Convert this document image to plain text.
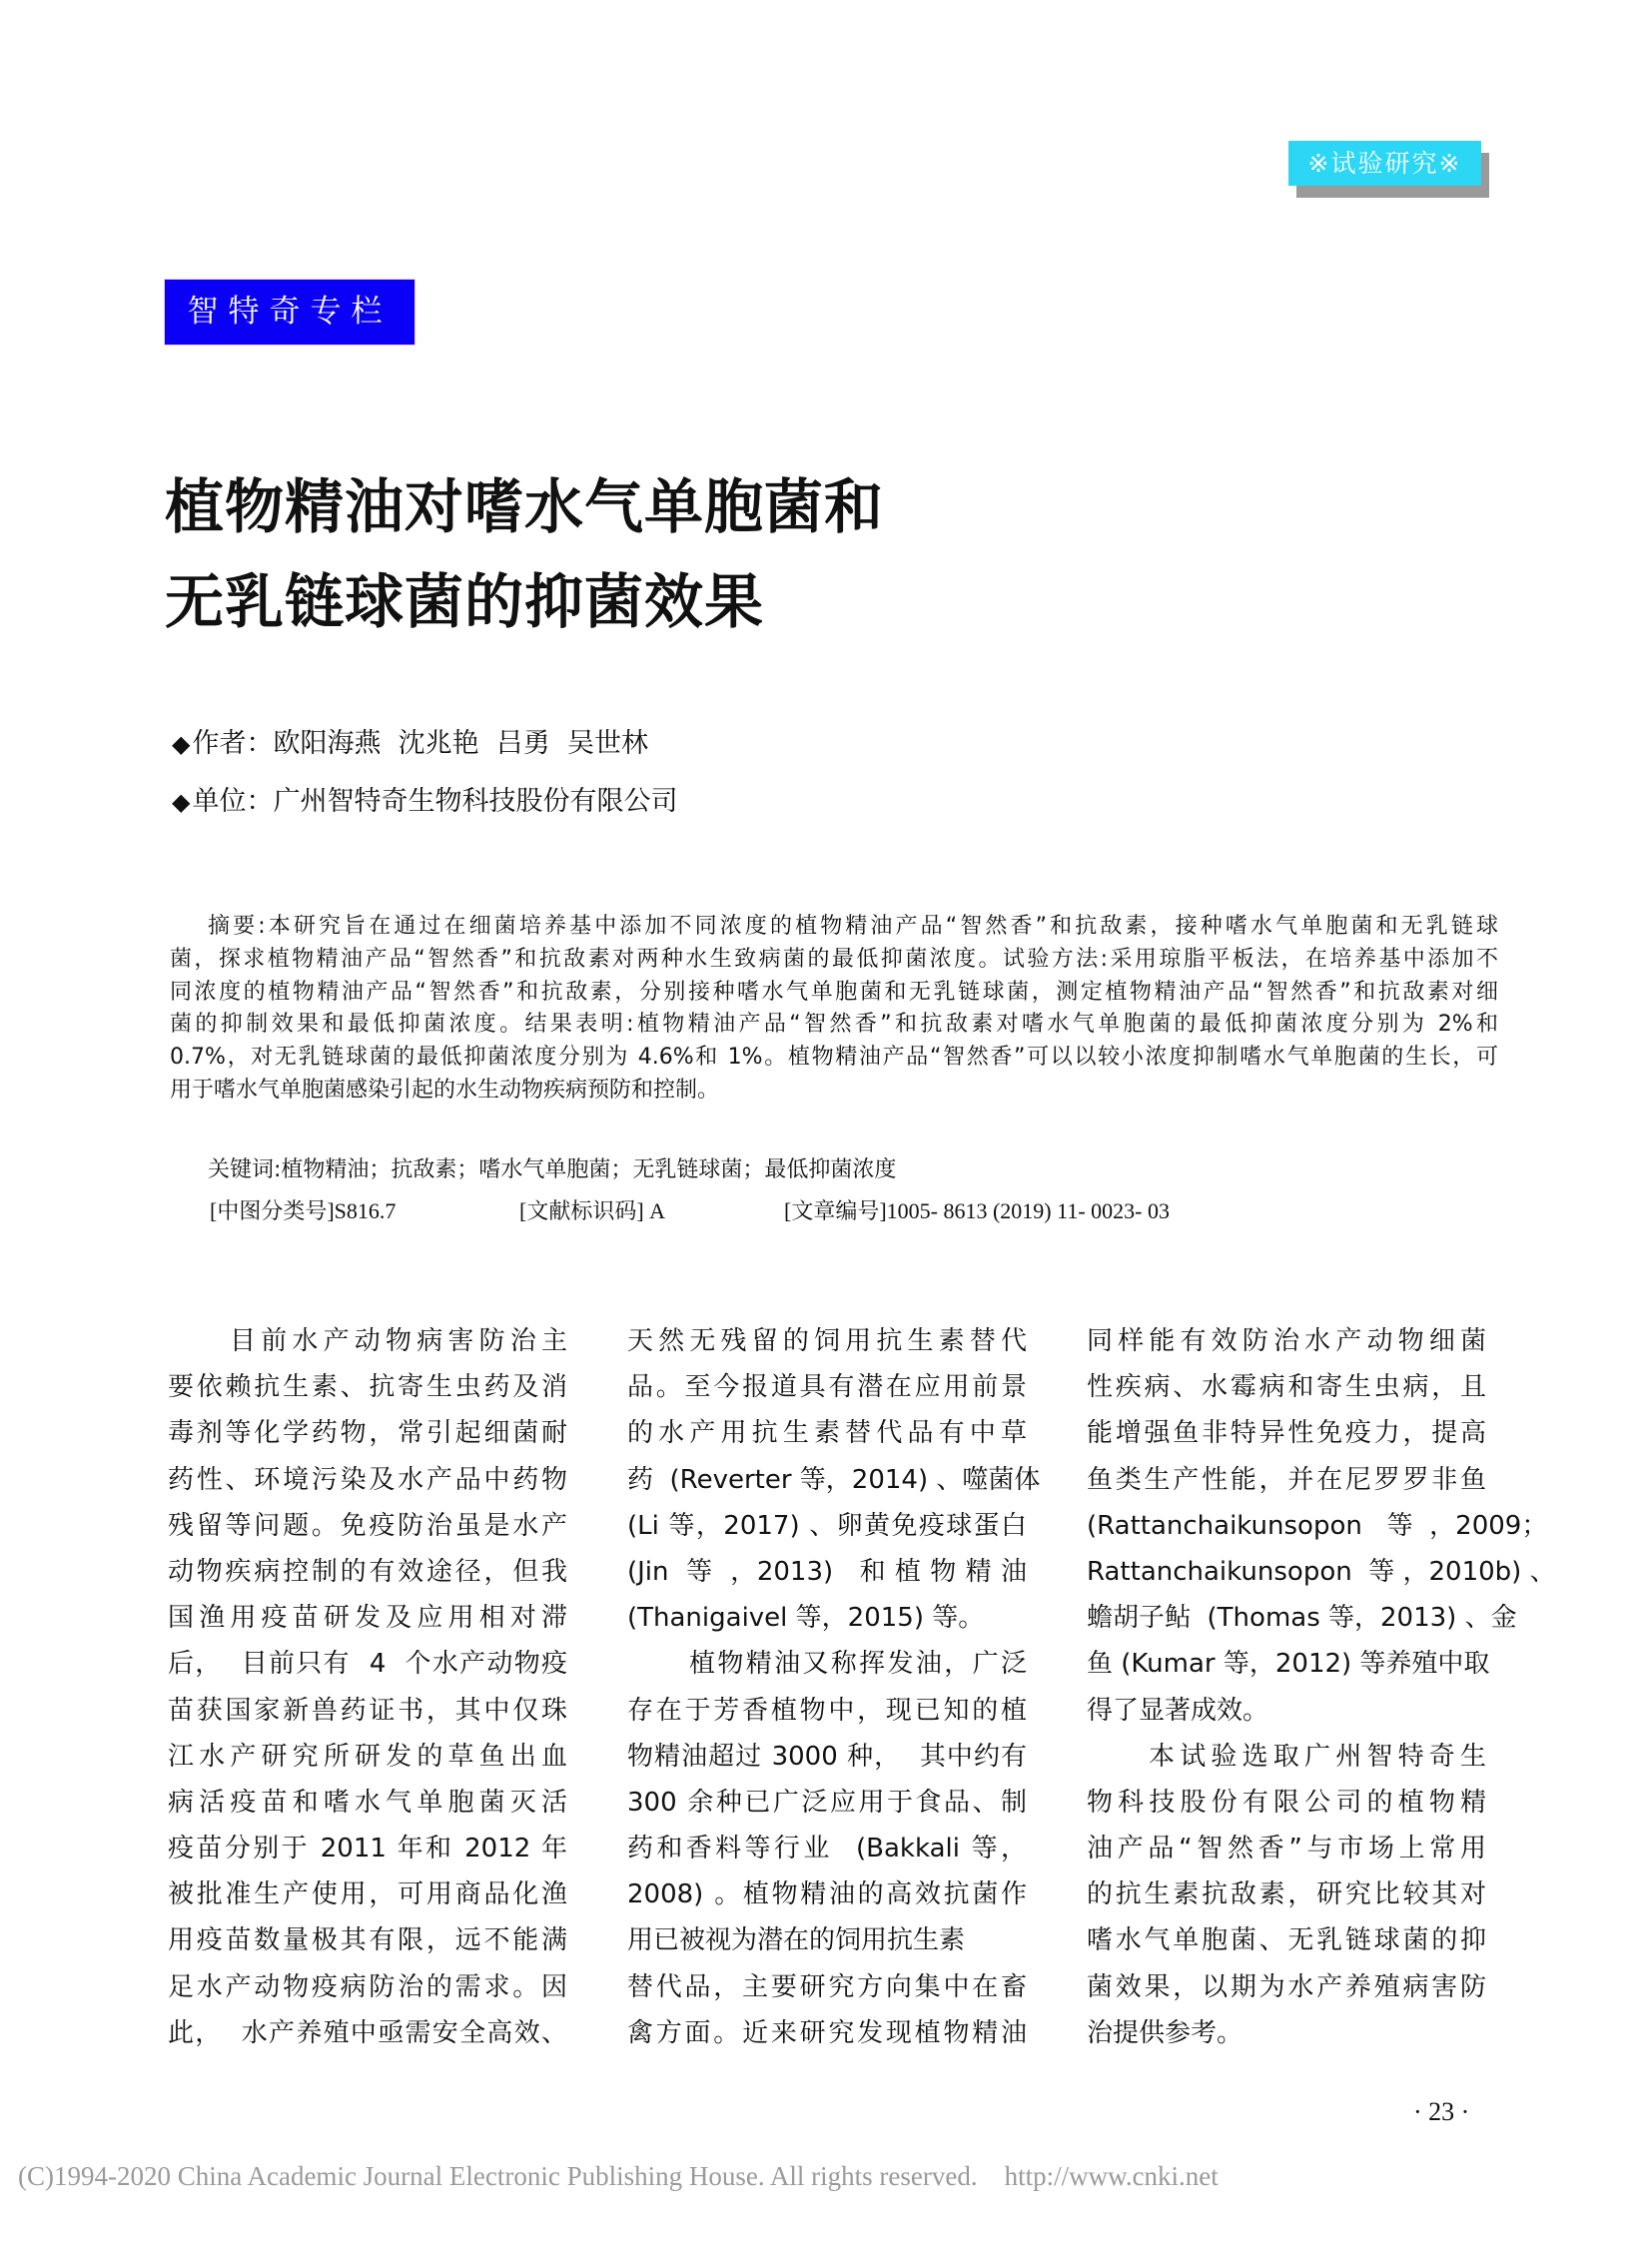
※试验研究※
智特奇专栏
植物精油对嗜水气单胞菌和
无乳链球菌的抑菌效果
◆作者：欧阳海燕  沈兆艳  吕勇  吴世林
◆单位：广州智特奇生物科技股份有限公司
摘要:本研究旨在通过在细菌培养基中添加不同浓度的植物精油产品“智然香”和抗敌素，接种嗜水气单胞菌和无乳链球
菌，探求植物精油产品“智然香”和抗敌素对两种水生致病菌的最低抑菌浓度。试验方法:采用琼脂平板法，在培养基中添加不
同浓度的植物精油产品“智然香”和抗敌素，分别接种嗜水气单胞菌和无乳链球菌，测定植物精油产品“智然香”和抗敌素对细
菌的抑制效果和最低抑菌浓度。结果表明:植物精油产品“智然香”和抗敌素对嗜水气单胞菌的最低抑菌浓度分别为 2%和
0.7%，对无乳链球菌的最低抑菌浓度分别为 4.6%和 1%。植物精油产品“智然香”可以以较小浓度抑制嗜水气单胞菌的生长，可
用于嗜水气单胞菌感染引起的水生动物疾病预防和控制。
关键词:植物精油；抗敌素；嗜水气单胞菌；无乳链球菌；最低抑菌浓度
[中图分类号]S816.7	[文献标识码] A	[文章编号]1005- 8613 (2019) 11- 0023- 03
目前水产动物病害防治主
要依赖抗生素、抗寄生虫药及消
毒剂等化学药物，常引起细菌耐
药性、环境污染及水产品中药物
残留等问题。免疫防治虽是水产
动物疾病控制的有效途径，但我
国渔用疫苗研发及应用相对滞
后，  目前只有  4  个水产动物疫
苗获国家新兽药证书，其中仅珠
江水产研究所研发的草鱼出血
病活疫苗和嗜水气单胞菌灭活
疫苗分别于 2011 年和 2012 年
被批准生产使用，可用商品化渔
用疫苗数量极其有限，远不能满
足水产动物疫病防治的需求。因
此，  水产养殖中亟需安全高效、
天然无残留的饲用抗生素替代
品。至今报道具有潜在应用前景
的水产用抗生素替代品有中草
药  (Reverter 等，2014) 、噬菌体
(Li 等，2017) 、卵黄免疫球蛋白
(Jin  等  ，2013)   和 植 物 精 油
(Thanigaivel 等，2015) 等。
植物精油又称挥发油，广泛
存在于芳香植物中，现已知的植
物精油超过 3000 种，  其中约有
300 余种已广泛应用于食品、制
药和香料等行业  (Bakkali 等，
2008) 。植物精油的高效抗菌作
用已被视为潜在的饲用抗生素
替代品，主要研究方向集中在畜
禽方面。近来研究发现植物精油
同样能有效防治水产动物细菌
性疾病、水霉病和寄生虫病，且
能增强鱼非特异性免疫力，提高
鱼类生产性能，并在尼罗罗非鱼
(Rattanchaikunsopon   等  ，2009；
Rattanchaikunsopon  等 ，2010b) 、
蟾胡子鲇  (Thomas 等，2013) 、金
鱼 (Kumar 等，2012) 等养殖中取
得了显著成效。
本试验选取广州智特奇生
物科技股份有限公司的植物精
油产品“智然香”与市场上常用
的抗生素抗敌素，研究比较其对
嗜水气单胞菌、无乳链球菌的抑
菌效果，以期为水产养殖病害防
治提供参考。
· 23 ·
(C)1994-2020 China Academic Journal Electronic Publishing House. All rights reserved.    http://www.cnki.net
